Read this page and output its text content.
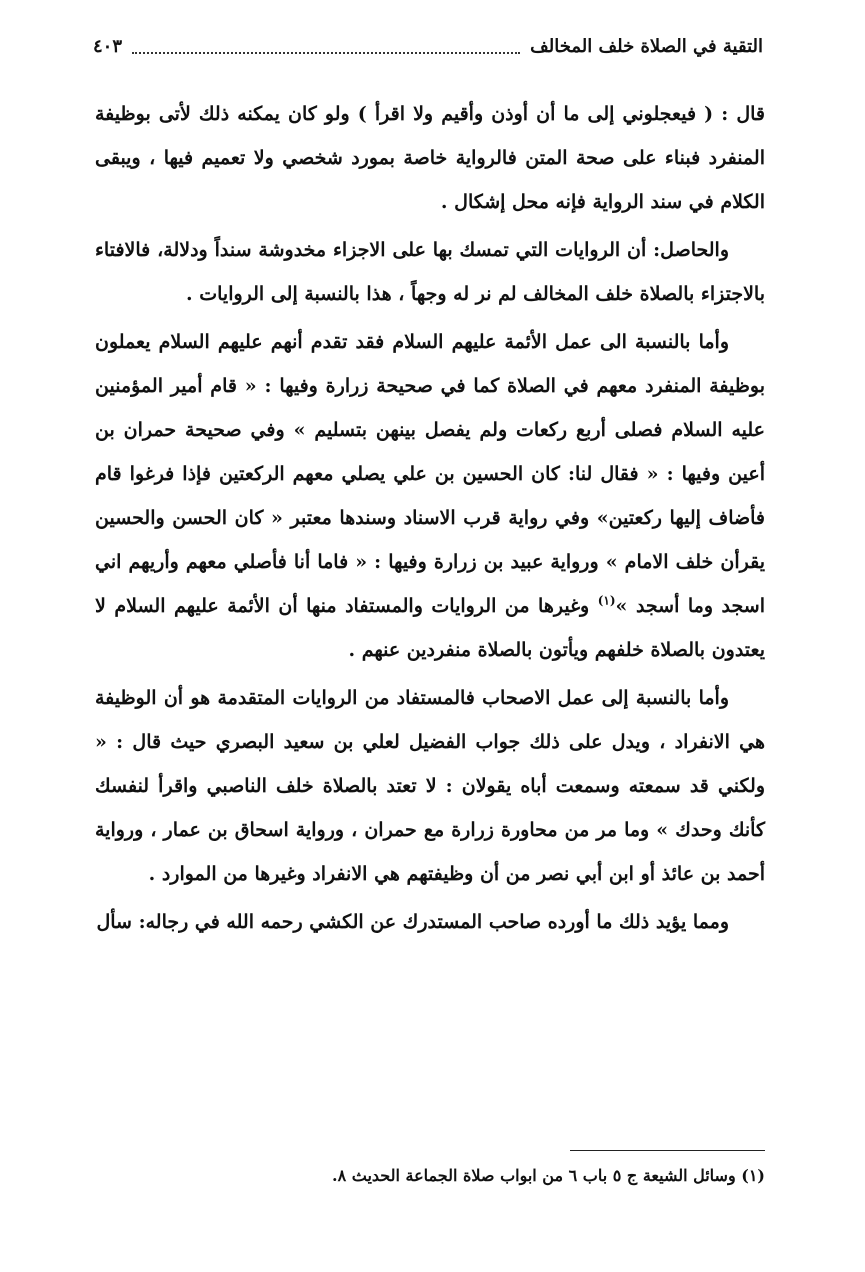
التقية في الصلاة خلف المخالف
٤٠٣

قال : ( فيعجلوني إلى ما أن أوذن وأقيم ولا اقرأ ) ولو كان يمكنه ذلك لأتى بوظيفة المنفرد فبناء على صحة المتن فالرواية خاصة بمورد شخصي ولا تعميم فيها ، ويبقى الكلام في سند الرواية فإنه محل إشكال .

والحاصل: أن الروايات التي تمسك بها على الاجزاء مخدوشة سنداً ودلالة، فالافتاء بالاجتزاء بالصلاة خلف المخالف لم نر له وجهاً ، هذا بالنسبة إلى الروايات .

وأما بالنسبة الى عمل الأئمة عليهم السلام فقد تقدم أنهم عليهم السلام يعملون بوظيفة المنفرد معهم في الصلاة كما في صحيحة زرارة وفيها : « قام أمير المؤمنين عليه السلام فصلى أربع ركعات ولم يفصل بينهن بتسليم » وفي صحيحة حمران بن أعين وفيها : « فقال لنا: كان الحسين بن علي يصلي معهم الركعتين فإذا فرغوا قام فأضاف إليها ركعتين» وفي رواية قرب الاسناد وسندها معتبر « كان الحسن والحسين يقرأن خلف الامام » ورواية عبيد بن زرارة وفيها : « فاما أنا فأصلي معهم وأريهم اني اسجد وما أسجد »$^{(١)}$ وغيرها من الروايات والمستفاد منها أن الأئمة عليهم السلام لا يعتدون بالصلاة خلفهم ويأتون بالصلاة منفردين عنهم .

وأما بالنسبة إلى عمل الاصحاب فالمستفاد من الروايات المتقدمة هو أن الوظيفة هي الانفراد ، ويدل على ذلك جواب الفضيل لعلي بن سعيد البصري حيث قال : « ولكني قد سمعته وسمعت أباه يقولان : لا تعتد بالصلاة خلف الناصبي واقرأ لنفسك كأنك وحدك » وما مر من محاورة زرارة مع حمران ، ورواية اسحاق بن عمار ، ورواية أحمد بن عائذ أو ابن أبي نصر من أن وظيفتهم هي الانفراد وغيرها من الموارد .

ومما يؤيد ذلك ما أورده صاحب المستدرك عن الكشي رحمه الله في رجاله: سأل

(١) وسائل الشيعة ج ٥ باب ٦ من ابواب صلاة الجماعة الحديث ٨.
